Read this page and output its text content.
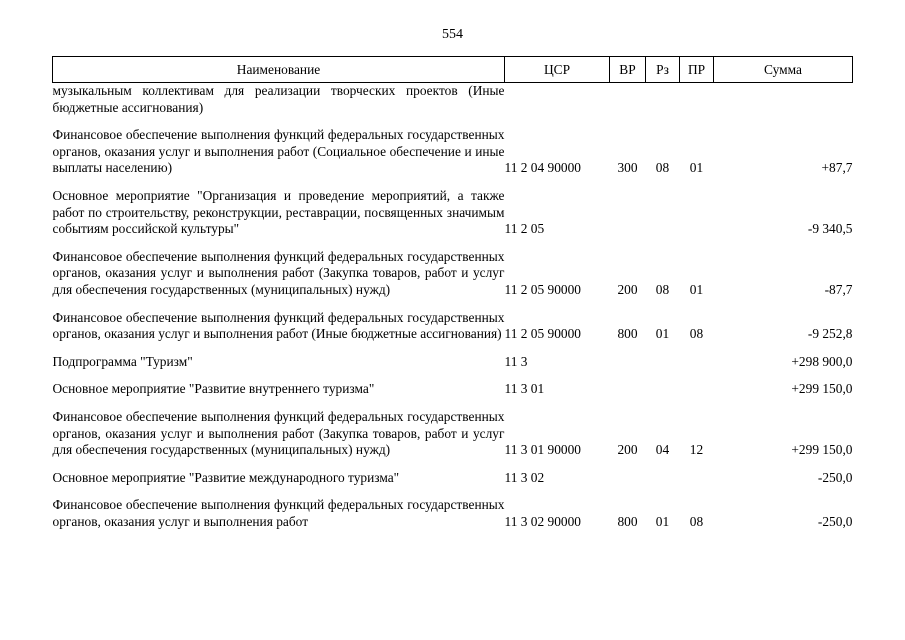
554
Наименование	ЦСР	ВР	Рз	ПР	Сумма
музыкальным коллективам для реализации творческих проектов (Иные бюджетные ассигнования)					

Финансовое обеспечение выполнения функций федеральных государственных органов, оказания услуг и выполнения работ (Социальное обеспечение и иные выплаты населению)	11 2 04 90000	300	08	01	+87,7

Основное мероприятие "Организация и проведение мероприятий, а также работ по строительству, реконструкции, реставрации, посвященных значимым событиям российской культуры"	11 2 05				-9 340,5

Финансовое обеспечение выполнения функций федеральных государственных органов, оказания услуг и выполнения работ (Закупка товаров, работ и услуг для обеспечения государственных (муниципальных) нужд)	11 2 05 90000	200	08	01	-87,7

Финансовое обеспечение выполнения функций федеральных государственных органов, оказания услуг и выполнения работ (Иные бюджетные ассигнования)	11 2 05 90000	800	01	08	-9 252,8

Подпрограмма "Туризм"	11 3				+298 900,0

Основное мероприятие "Развитие внутреннего туризма"	11 3 01				+299 150,0

Финансовое обеспечение выполнения функций федеральных государственных органов, оказания услуг и выполнения работ (Закупка товаров, работ и услуг для обеспечения государственных (муниципальных) нужд)	11 3 01 90000	200	04	12	+299 150,0

Основное мероприятие "Развитие международного туризма"	11 3 02				-250,0

Финансовое обеспечение выполнения функций федеральных государственных органов, оказания услуг и выполнения работ	11 3 02 90000	800	01	08	-250,0
